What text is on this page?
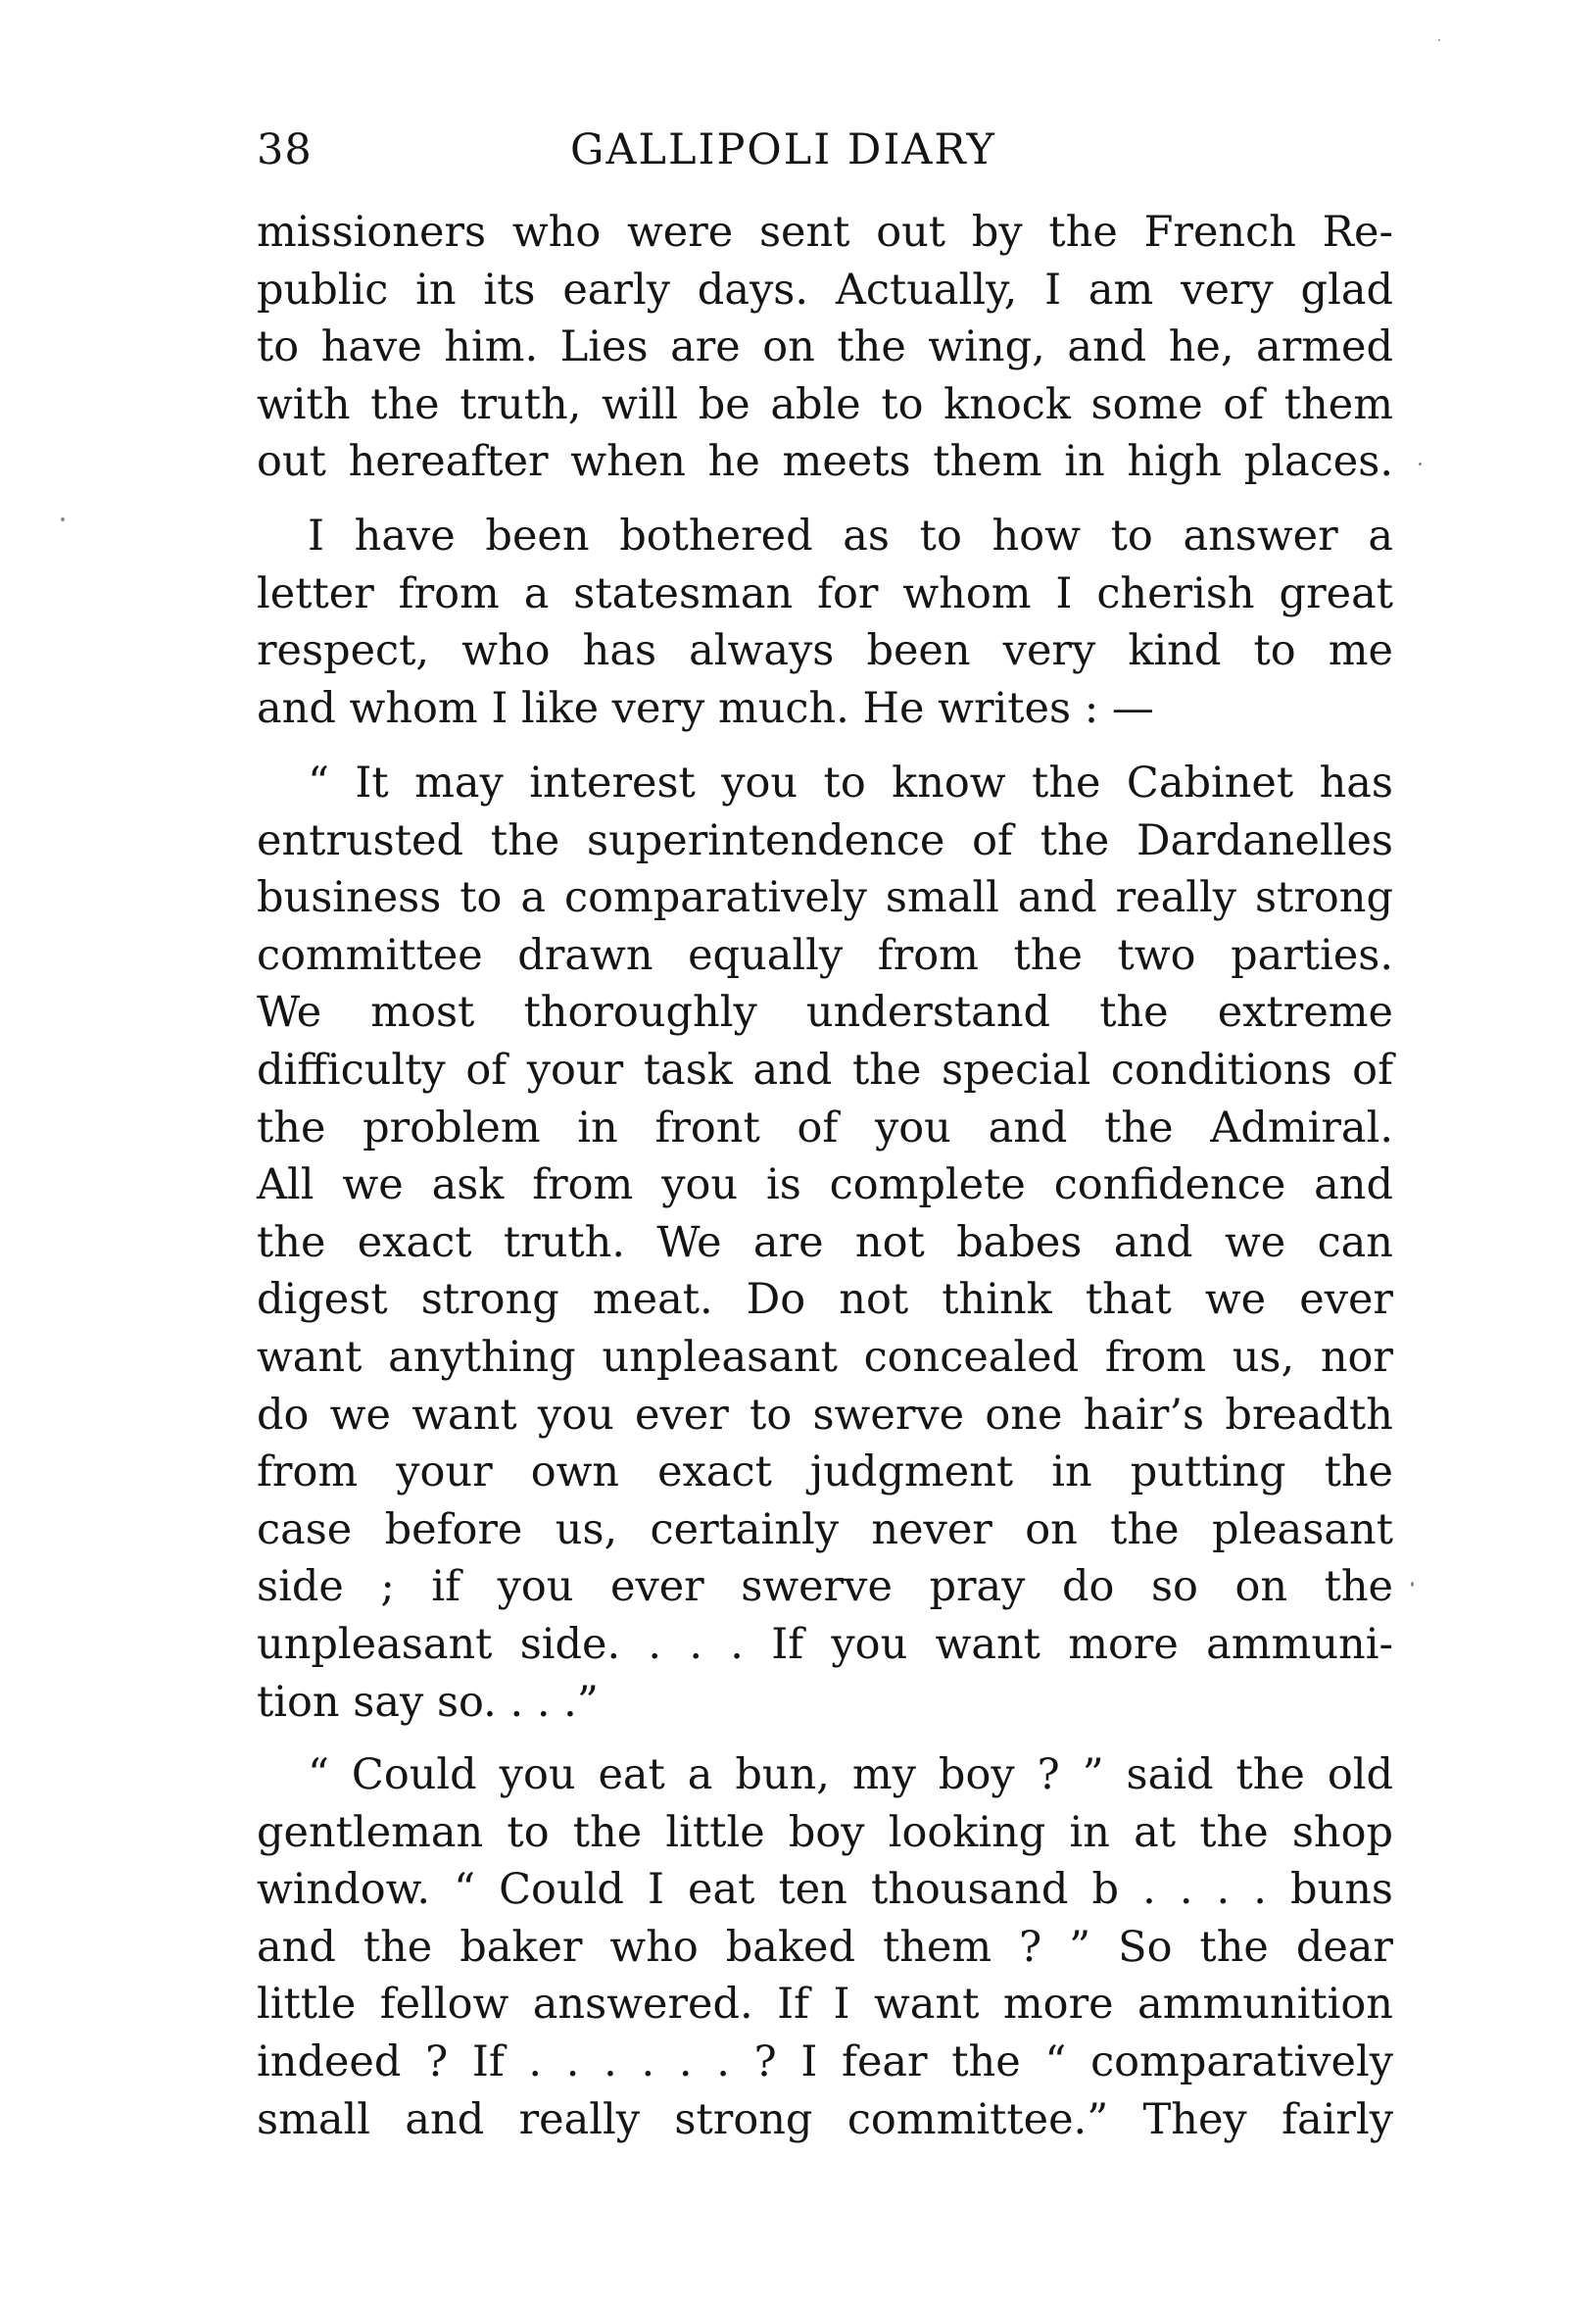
38	GALLIPOLI DIARY
missioners who were sent out by the French Re-
public in its early days. Actually, I am very glad
to have him. Lies are on the wing, and he, armed
with the truth, will be able to knock some of them
out hereafter when he meets them in high places.
I have been bothered as to how to answer a
letter from a statesman for whom I cherish great
respect, who has always been very kind to me
and whom I like very much. He writes : —
“ It may interest you to know the Cabinet has
entrusted the superintendence of the Dardanelles
business to a comparatively small and really strong
committee drawn equally from the two parties.
We most thoroughly understand the extreme
difficulty of your task and the special conditions of
the problem in front of you and the Admiral.
All we ask from you is complete confidence and
the exact truth. We are not babes and we can
digest strong meat. Do not think that we ever
want anything unpleasant concealed from us, nor
do we want you ever to swerve one hair’s breadth
from your own exact judgment in putting the
case before us, certainly never on the pleasant
side ; if you ever swerve pray do so on the
unpleasant side. . . . If you want more ammuni-
tion say so. . . .”
“ Could you eat a bun, my boy ? ” said the old
gentleman to the little boy looking in at the shop
window. “ Could I eat ten thousand b . . . . buns
and the baker who baked them ? ” So the dear
little fellow answered. If I want more ammunition
indeed ? If . . . . . . ? I fear the “ comparatively
small and really strong committee.” They fairly
